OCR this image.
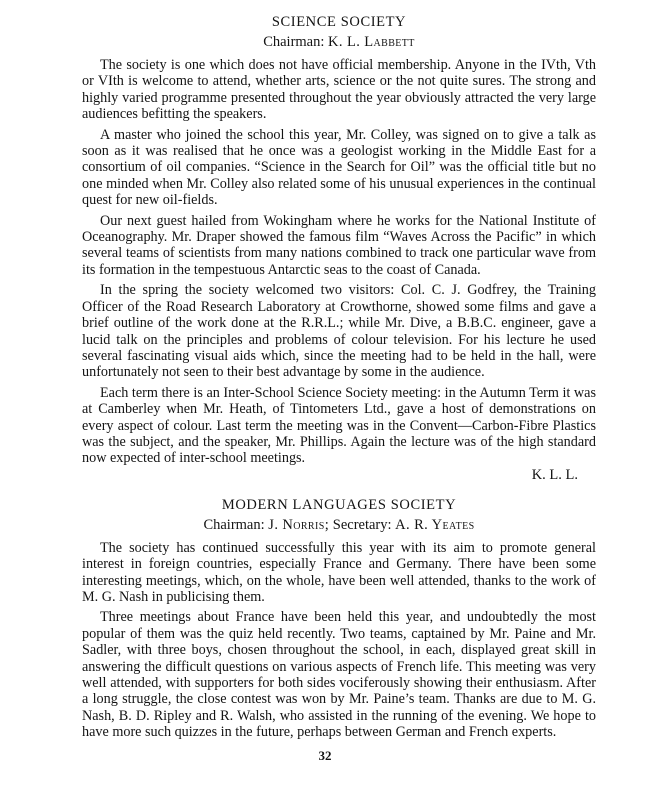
SCIENCE SOCIETY
Chairman: K. L. Labbett

The society is one which does not have official membership. Anyone in the IVth, Vth or VIth is welcome to attend, whether arts, science or the not quite sures. The strong and highly varied programme presented throughout the year obviously attracted the very large audiences befitting the speakers.

A master who joined the school this year, Mr. Colley, was signed on to give a talk as soon as it was realised that he once was a geologist working in the Middle East for a consortium of oil companies. “Science in the Search for Oil” was the official title but no one minded when Mr. Colley also related some of his unusual experiences in the continual quest for new oil-fields.

Our next guest hailed from Wokingham where he works for the National Institute of Oceanography. Mr. Draper showed the famous film “Waves Across the Pacific” in which several teams of scientists from many nations combined to track one particular wave from its formation in the tempestuous Antarctic seas to the coast of Canada.

In the spring the society welcomed two visitors: Col. C. J. Godfrey, the Training Officer of the Road Research Laboratory at Crowthorne, showed some films and gave a brief outline of the work done at the R.R.L.; while Mr. Dive, a B.B.C. engineer, gave a lucid talk on the principles and problems of colour television. For his lecture he used several fascinating visual aids which, since the meeting had to be held in the hall, were unfortunately not seen to their best advantage by some in the audience.

Each term there is an Inter-School Science Society meeting: in the Autumn Term it was at Camberley when Mr. Heath, of Tintometers Ltd., gave a host of demonstrations on every aspect of colour. Last term the meeting was in the Convent—Carbon-Fibre Plastics was the subject, and the speaker, Mr. Phillips. Again the lecture was of the high standard now expected of inter-school meetings.

K. L. L.
MODERN LANGUAGES SOCIETY
Chairman: J. Norris; Secretary: A. R. Yeates

The society has continued successfully this year with its aim to promote general interest in foreign countries, especially France and Germany. There have been some interesting meetings, which, on the whole, have been well attended, thanks to the work of M. G. Nash in publicising them.

Three meetings about France have been held this year, and undoubtedly the most popular of them was the quiz held recently. Two teams, captained by Mr. Paine and Mr. Sadler, with three boys, chosen throughout the school, in each, displayed great skill in answering the difficult questions on various aspects of French life. This meeting was very well attended, with supporters for both sides vociferously showing their enthusiasm. After a long struggle, the close contest was won by Mr. Paine’s team. Thanks are due to M. G. Nash, B. D. Ripley and R. Walsh, who assisted in the running of the evening. We hope to have more such quizzes in the future, perhaps between German and French experts.

32
